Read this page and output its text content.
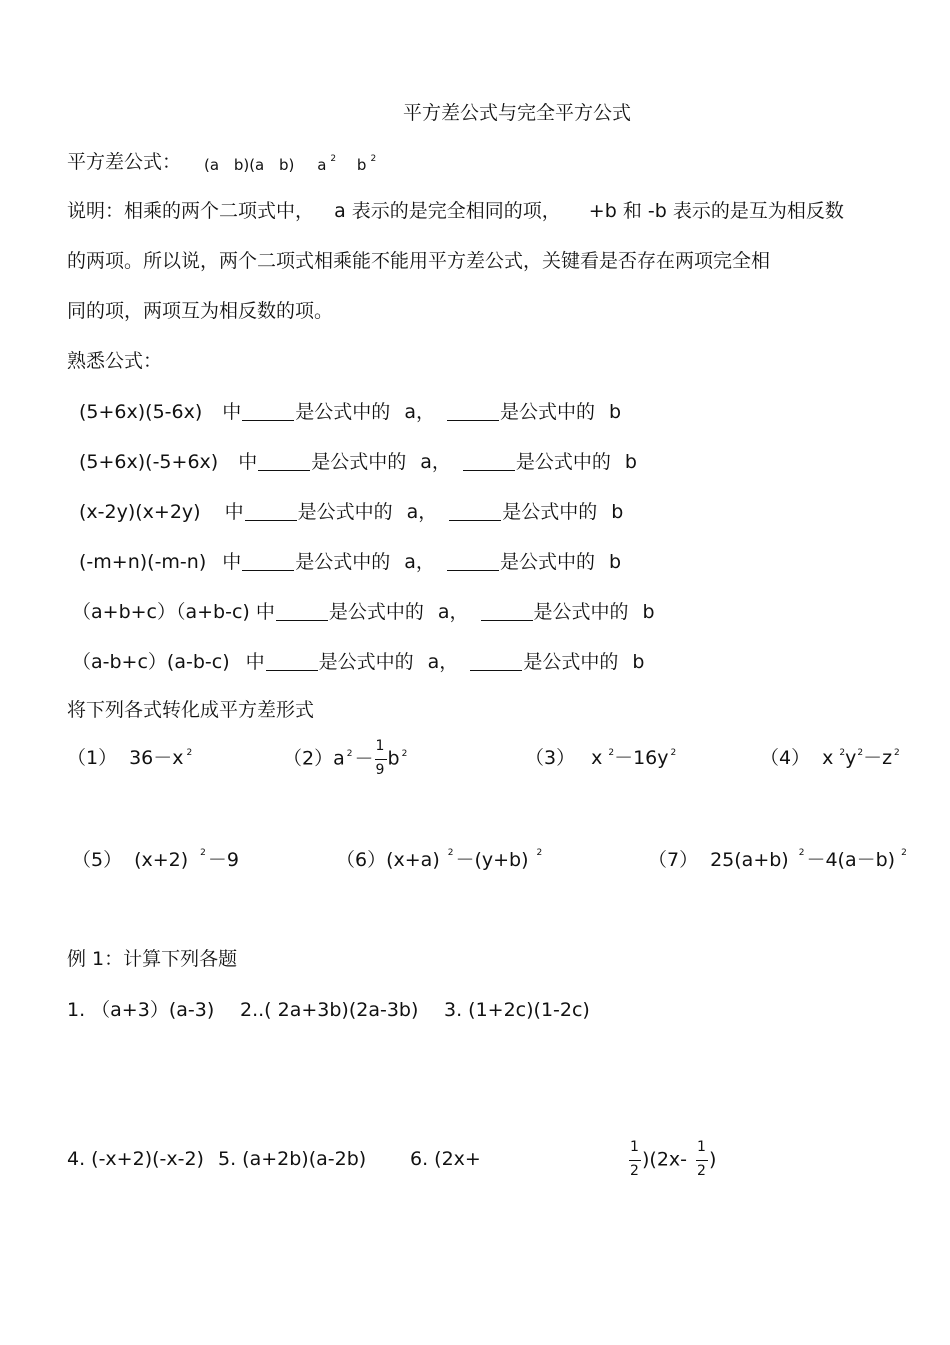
平方差公式与完全平方公式
平方差公式： (a b)(a b) a $^2$ b $^2$
说明：相乘的两个二项式中， a 表示的是完全相同的项， +b 和 -b 表示的是互为相反数
的两项。所以说，两个二项式相乘能不能用平方差公式，关键看是否存在两项完全相
同的项，两项互为相反数的项。
熟悉公式：
(5+6x)(5-6x) 中	是公式中的 a，	是公式中的 b
(5+6x)(-5+6x) 中	是公式中的 a，	是公式中的 b
(x-2y)(x+2y) 中	是公式中的 a，	是公式中的 b
(-m+n)(-m-n) 中	是公式中的 a，	是公式中的 b
（a+b+c）（a+b-c) 中	是公式中的 a，	是公式中的 b
（a-b+c）(a-b-c) 中	是公式中的 a，	是公式中的 b
将下列各式转化成平方差形式
（1） 36－x $^2$	（2）a $^2 - \frac{1}{9}$ b $^2$	（3） x $^2$－16y $^2$	（4） x $^2y^2-z$ $^2$
（5） (x+2) $^2$ －9	（6）(x+a) $^2$ －(y+b) $^2$	（7） 25(a+b) $^2$ －4(a－b) $^2$
例 1：计算下列各题
1. （a+3）(a-3) 2..( 2a+3b)(2a-3b) 3. (1+2c)(1-2c)
4. (-x+2)(-x-2) 5. (a+2b)(a-2b) 6. (2x+	$\frac{1}{2} )(2x- \frac{1}{2}$ )
